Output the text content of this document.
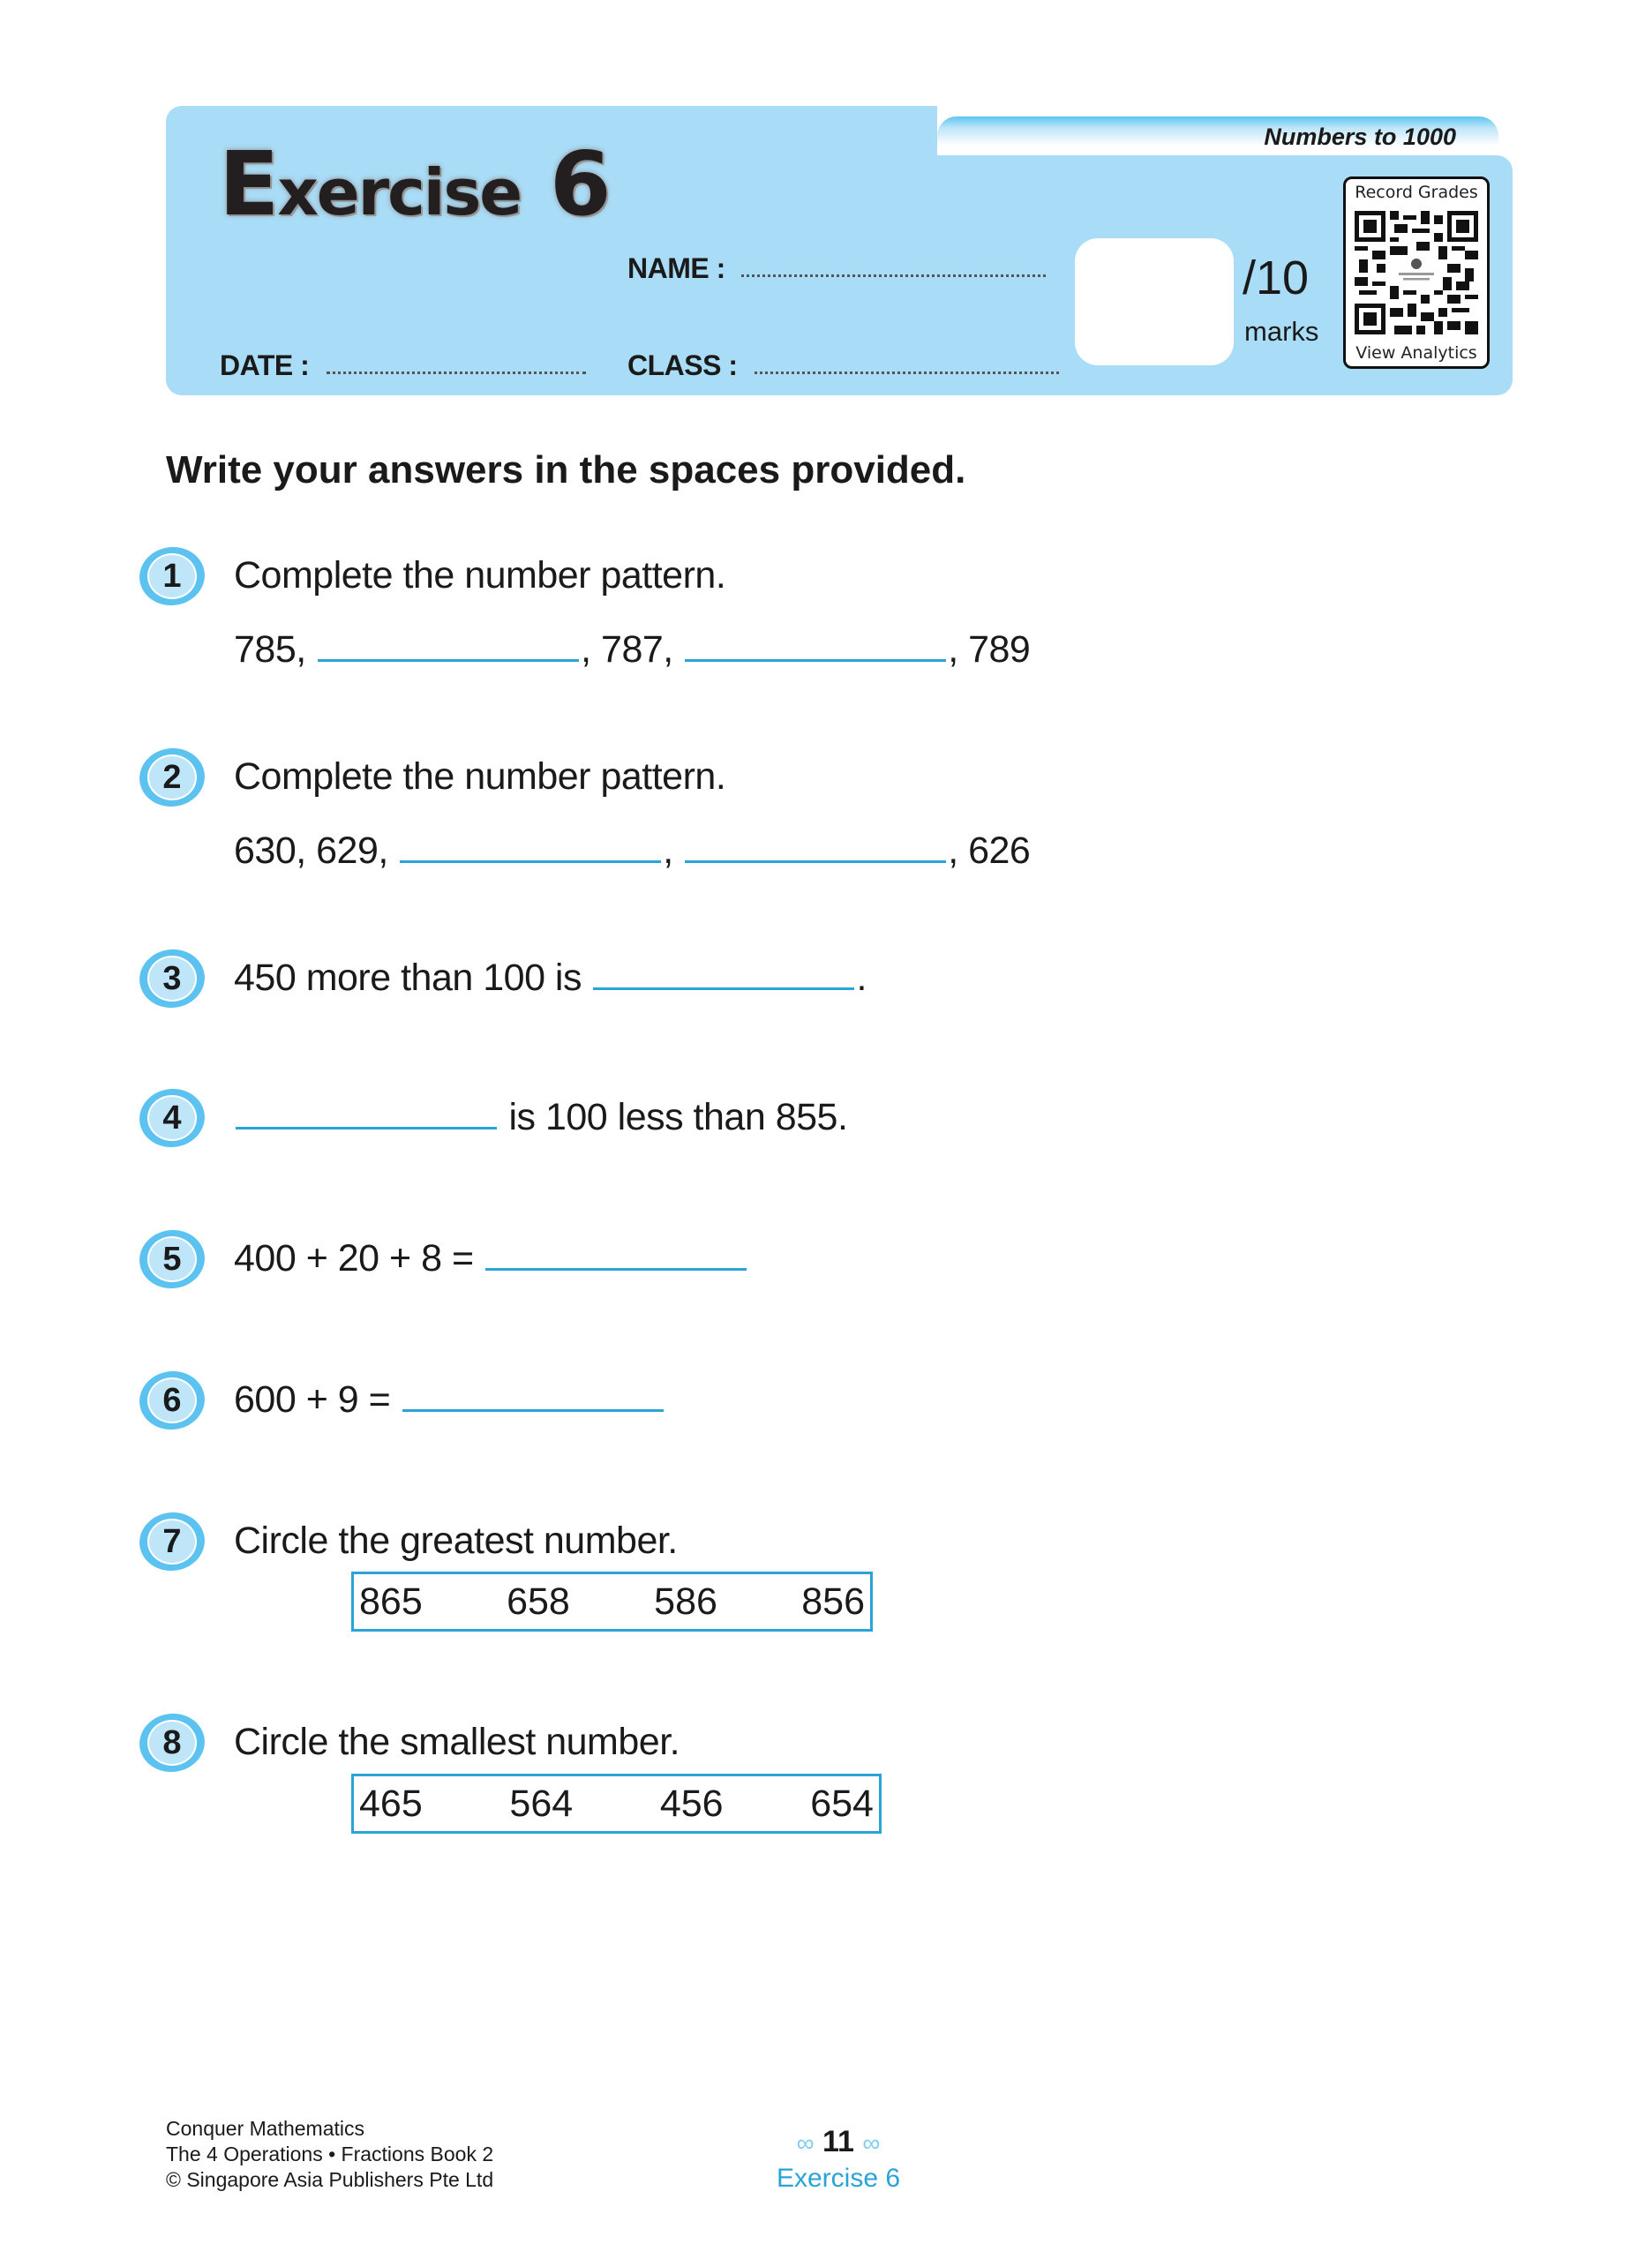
Exercise 6	Numbers to 1000
NAME :
DATE :	CLASS :
/10
marks
Record Grades
View Analytics
Write your answers in the spaces provided.
1	Complete the number pattern.
785,	, 787,	, 789
2	Complete the number pattern.
630, 629,	,	, 626
3	450 more than 100 is	.
4	is 100 less than 855.
5	400 + 20 + 8 =
6	600 + 9 =
7	Circle the greatest number.
865 658 586 856
8	Circle the smallest number.
465 564 456 654
Conquer Mathematics
The 4 Operations • Fractions Book 2
© Singapore Asia Publishers Pte Ltd
∞ 11 ∞
Exercise 6
